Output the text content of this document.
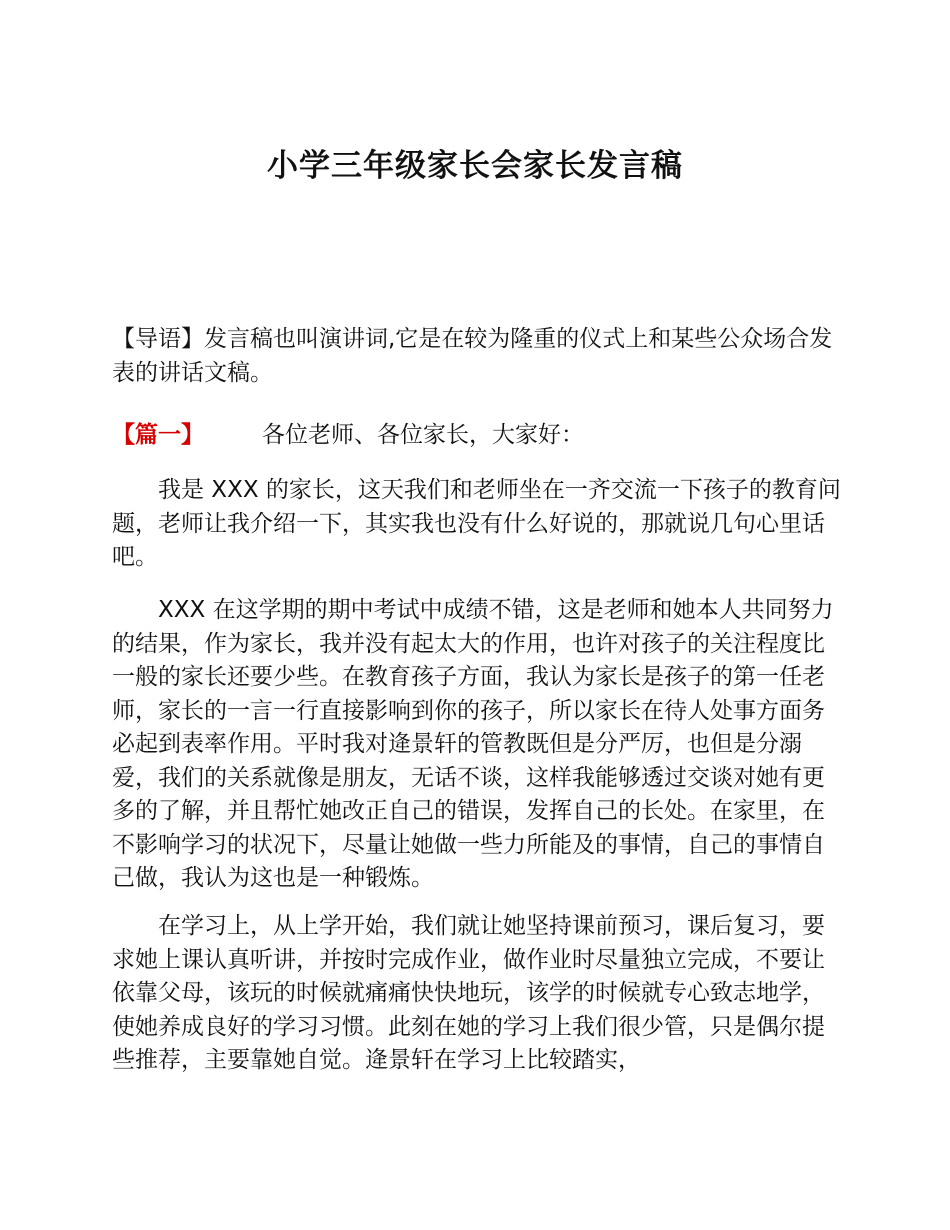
小学三年级家长会家长发言稿

【导语】发言稿也叫演讲词,它是在较为隆重的仪式上和某些公众场合发表的讲话文稿。

【篇一】	各位老师、各位家长，大家好：

我是 XXX 的家长，这天我们和老师坐在一齐交流一下孩子的教育问题，老师让我介绍一下，其实我也没有什么好说的，那就说几句心里话吧。

XXX 在这学期的期中考试中成绩不错，这是老师和她本人共同努力的结果，作为家长，我并没有起太大的作用，也许对孩子的关注程度比一般的家长还要少些。在教育孩子方面，我认为家长是孩子的第一任老师，家长的一言一行直接影响到你的孩子，所以家长在待人处事方面务必起到表率作用。平时我对逄景轩的管教既但是分严厉，也但是分溺爱，我们的关系就像是朋友，无话不谈，这样我能够透过交谈对她有更多的了解，并且帮忙她改正自己的错误，发挥自己的长处。在家里，在不影响学习的状况下，尽量让她做一些力所能及的事情，自己的事情自己做，我认为这也是一种锻炼。

在学习上，从上学开始，我们就让她坚持课前预习，课后复习，要求她上课认真听讲，并按时完成作业，做作业时尽量独立完成，不要让依靠父母，该玩的时候就痛痛快快地玩，该学的时候就专心致志地学，使她养成良好的学习习惯。此刻在她的学习上我们很少管，只是偶尔提些推荐，主要靠她自觉。逄景轩在学习上比较踏实，
